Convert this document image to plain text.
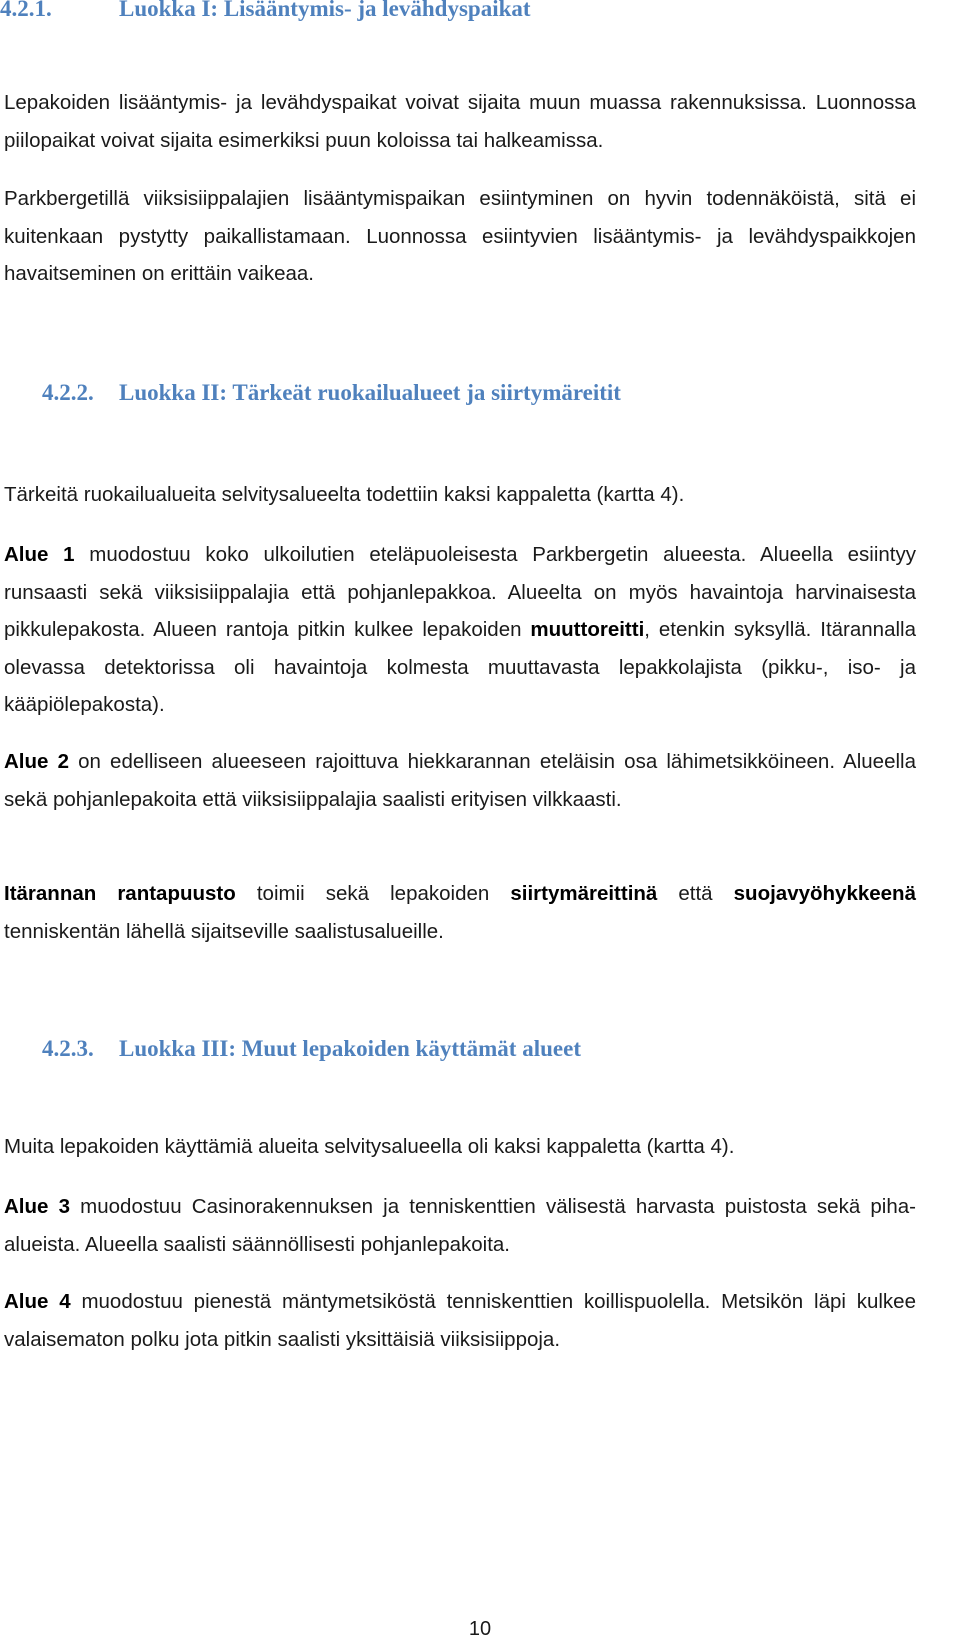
4.2.1.	Luokka I: Lisääntymis- ja levähdyspaikat

Lepakoiden lisääntymis- ja levähdyspaikat voivat sijaita muun muassa rakennuksissa. Luonnossa piilopaikat voivat sijaita esimerkiksi puun koloissa tai halkeamissa.

Parkbergetillä viiksisiippalajien lisääntymispaikan esiintyminen on hyvin todennäköistä, sitä ei kuitenkaan pystytty paikallistamaan. Luonnossa esiintyvien lisääntymis- ja levähdyspaikkojen havaitseminen on erittäin vaikeaa.

4.2.2. Luokka II: Tärkeät ruokailualueet ja siirtymäreitit

Tärkeitä ruokailualueita selvitysalueelta todettiin kaksi kappaletta (kartta 4).

Alue 1 muodostuu koko ulkoilutien eteläpuoleisesta Parkbergetin alueesta. Alueella esiintyy runsaasti sekä viiksisiippalajia että pohjanlepakkoa. Alueelta on myös havaintoja harvinaisesta pikkulepakosta. Alueen rantoja pitkin kulkee lepakoiden muuttoreitti, etenkin syksyllä. Itärannalla olevassa detektorissa oli havaintoja kolmesta muuttavasta lepakkolajista (pikku-, iso- ja kääpiölepakosta).

Alue 2 on edelliseen alueeseen rajoittuva hiekkarannan eteläisin osa lähimetsikköineen. Alueella sekä pohjanlepakoita että viiksisiippalajia saalisti erityisen vilkkaasti.

Itärannan rantapuusto toimii sekä lepakoiden siirtymäreittinä että suojavyöhykkeenä tenniskentän lähellä sijaitseville saalistusalueille.

4.2.3. Luokka III: Muut lepakoiden käyttämät alueet

Muita lepakoiden käyttämiä alueita selvitysalueella oli kaksi kappaletta (kartta 4).

Alue 3 muodostuu Casinorakennuksen ja tenniskenttien välisestä harvasta puistosta sekä piha-alueista. Alueella saalisti säännöllisesti pohjanlepakoita.

Alue 4 muodostuu pienestä mäntymetsiköstä tenniskenttien koillispuolella. Metsikön läpi kulkee valaisematon polku jota pitkin saalisti yksittäisiä viiksisiippoja.

10
